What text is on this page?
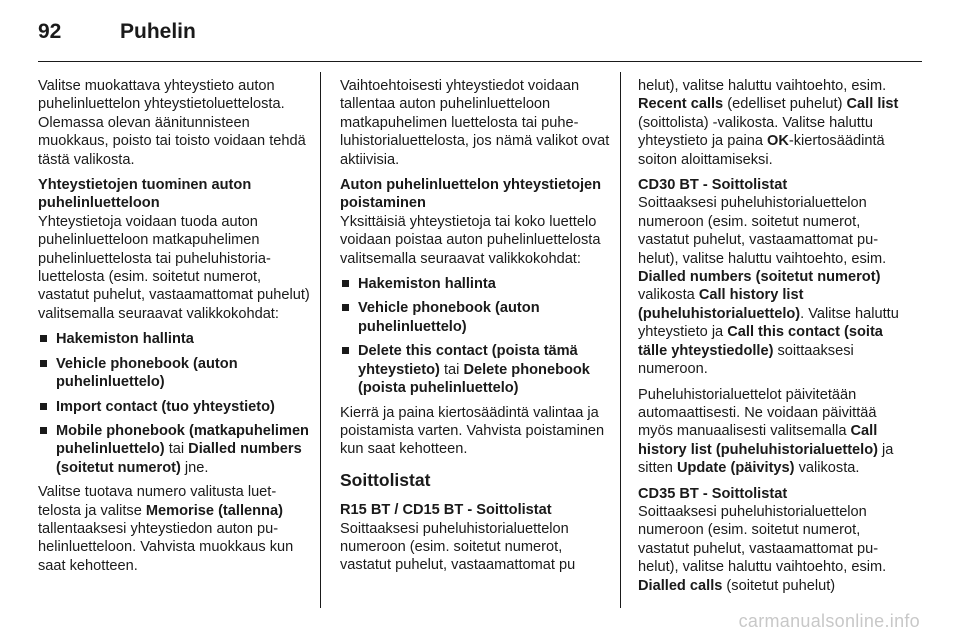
92	Puhelin

Valitse muokattava yhteystieto auton puhelinluettelon yhteystietoluettelosta. Olemassa olevan äänitunnisteen muokkaus, poisto tai toisto voidaan tehdä tästä valikosta.

Yhteystietojen tuominen auton puhelinluetteloon

Yhteystietoja voidaan tuoda auton puhelinluetteloon matkapuhelimen puhelinluettelosta tai puheluhistorialuettelosta (esim. soitetut numerot, vastatut puhelut, vastaamattomat puhelut) valitsemalla seuraavat valikkokohdat:

Hakemiston hallinta
Vehicle phonebook (auton puhelinluettelo)
Import contact (tuo yhteystieto)
Mobile phonebook (matkapuhelimen puhelinluettelo) tai Dialled numbers (soitetut numerot) jne.

Valitse tuotava numero valitusta luettelosta ja valitse Memorise (tallenna) tallentaaksesi yhteystiedon auton puhelinluetteloon. Vahvista muokkaus kun saat kehotteen.

Vaihtoehtoisesti yhteystiedot voidaan tallentaa auton puhelinluetteloon matkapuhelimen luettelosta tai puheluhistorialuettelosta, jos nämä valikot ovat aktiivisia.

Auton puhelinluettelon yhteystietojen poistaminen

Yksittäisiä yhteystietoja tai koko luettelo voidaan poistaa auton puhelinluettelosta valitsemalla seuraavat valikkokohdat:

Hakemiston hallinta
Vehicle phonebook (auton puhelinluettelo)
Delete this contact (poista tämä yhteystieto) tai Delete phonebook (poista puhelinluettelo)

Kierrä ja paina kiertosäädintä valintaa ja poistamista varten. Vahvista poistaminen kun saat kehotteen.

Soittolistat

R15 BT / CD15 BT - Soittolistat

Soittaaksesi puheluhistorialuettelon numeroon (esim. soitetut numerot, vastatut puhelut, vastaamattomat pu

helut), valitse haluttu vaihtoehto, esim. Recent calls (edelliset puhelut) Call list (soittolista) -valikosta. Valitse haluttu yhteystieto ja paina OK-kiertosäädintä soiton aloittamiseksi.

CD30 BT - Soittolistat

Soittaaksesi puheluhistorialuettelon numeroon (esim. soitetut numerot, vastatut puhelut, vastaamattomat puhelut), valitse haluttu vaihtoehto, esim. Dialled numbers (soitetut numerot) valikosta Call history list (puheluhistorialuettelo). Valitse haluttu yhteystieto ja Call this contact (soita tälle yhteystiedolle) soittaaksesi numeroon.

Puheluhistorialuettelot päivitetään automaattisesti. Ne voidaan päivittää myös manuaalisesti valitsemalla Call history list (puheluhistorialuettelo) ja sitten Update (päivitys) valikosta.

CD35 BT - Soittolistat

Soittaaksesi puheluhistorialuettelon numeroon (esim. soitetut numerot, vastatut puhelut, vastaamattomat puhelut), valitse haluttu vaihtoehto, esim. Dialled calls (soitetut puhelut)

carmanualsonline.info
